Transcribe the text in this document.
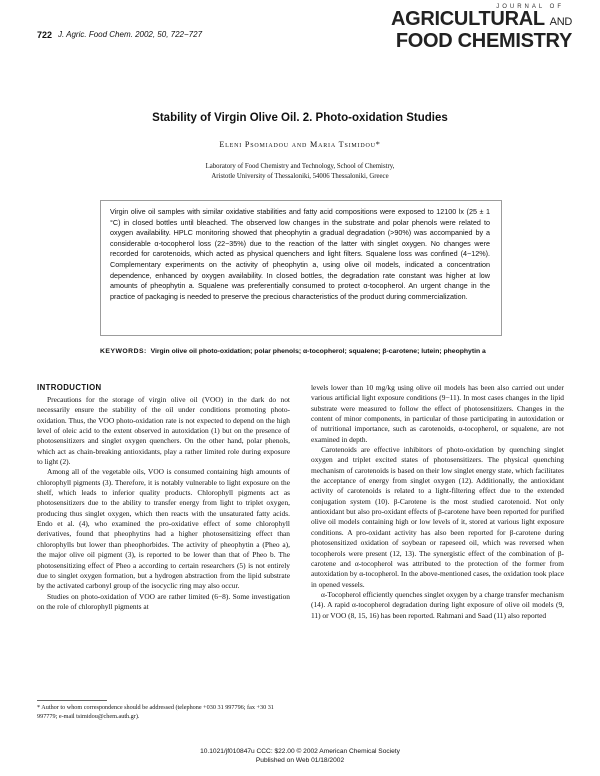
722 J. Agric. Food Chem. 2002, 50, 722−727
JOURNAL OF
AGRICULTURAL AND
FOOD CHEMISTRY
Stability of Virgin Olive Oil. 2. Photo-oxidation Studies
Eleni Psomiadou and Maria Tsimidou*
Laboratory of Food Chemistry and Technology, School of Chemistry,
Aristotle University of Thessaloniki, 54006 Thessaloniki, Greece
Virgin olive oil samples with similar oxidative stabilities and fatty acid compositions were exposed to 12100 lx (25 ± 1 °C) in closed bottles until bleached. The observed low changes in the substrate and polar phenols were related to oxygen availability. HPLC monitoring showed that pheophytin a gradual degradation (>90%) was accompanied by a considerable α-tocopherol loss (22−35%) due to the reaction of the latter with singlet oxygen. No changes were recorded for carotenoids, which acted as physical quenchers and light filters. Squalene loss was confined (4−12%). Complementary experiments on the activity of pheophytin a, using olive oil models, indicated a concentration dependence, enhanced by oxygen availability. In closed bottles, the degradation rate constant was higher at low amounts of pheophytin a. Squalene was preferentially consumed to protect α-tocopherol. An urgent change in the practice of packaging is needed to preserve the precious characteristics of the product during commercialization.
KEYWORDS: Virgin olive oil photo-oxidation; polar phenols; α-tocopherol; squalene; β-carotene; lutein; pheophytin a
INTRODUCTION

Precautions for the storage of virgin olive oil (VOO) in the dark do not necessarily ensure the stability of the oil under conditions promoting photo-oxidation. Thus, the VOO photo-oxidation rate is not expected to depend on the high level of oleic acid to the extent observed in autoxidation (1) but on the presence of photosensitizers and singlet oxygen quenchers. On the other hand, polar phenols, which act as chain-breaking antioxidants, play a rather limited role during exposure to light (2).

Among all of the vegetable oils, VOO is consumed containing high amounts of chlorophyll pigments (3). Therefore, it is notably vulnerable to light exposure on the shelf, which leads to inferior quality products. Chlorophyll pigments act as photosensitizers due to the ability to transfer energy from light to triplet oxygen, producing thus singlet oxygen, which then reacts with the unsaturated fatty acids. Endo et al. (4), who examined the pro-oxidative effect of some chlorophyll derivatives, found that pheophytins had a higher photosensitizing effect than chlorophylls but lower than pheophorbides. The activity of pheophytin a (Pheo a), the major olive oil pigment (3), is reported to be lower than that of Pheo b. The photosensitizing effect of Pheo a according to certain researchers (5) is not entirely due to singlet oxygen formation, but a hydrogen abstraction from the lipid substrate by the activated carbonyl group of the isocyclic ring may also occur.

Studies on photo-oxidation of VOO are rather limited (6−8). Some investigation on the role of chlorophyll pigments at

* Author to whom correspondence should be addressed (telephone +030 31 997796; fax +30 31 997779; e-mail tsimidou@chem.auth.gr).

levels lower than 10 mg/kg using olive oil models has been also carried out under various artificial light exposure conditions (9−11). In most cases changes in the lipid substrate were measured to follow the effect of photosensitizers. Changes in the content of minor components, in particular of those participating in autoxidation or of nutritional importance, such as carotenoids, α-tocopherol, or squalene, are not examined in depth.

Carotenoids are effective inhibitors of photo-oxidation by quenching singlet oxygen and triplet excited states of photosensitizers. The physical quenching mechanism of carotenoids is based on their low singlet energy state, which facilitates the acceptance of energy from singlet oxygen (12). Additionally, the antioxidant activity of carotenoids is related to a light-filtering effect due to the extended conjugation system (10). β-Carotene is the most studied carotenoid. Not only antioxidant but also pro-oxidant effects of β-carotene have been reported for purified olive oil models containing high or low levels of it, stored at various light exposure conditions. A pro-oxidant activity has also been reported for β-carotene during photosensitized oxidation of soybean or rapeseed oil, which was reversed when tocopherols were present (12, 13). The synergistic effect of the combination of β-carotene and α-tocopherol was attributed to the protection of the former from autoxidation by α-tocopherol. In the above-mentioned cases, the oxidation took place in opened vessels.

α-Tocopherol efficiently quenches singlet oxygen by a charge transfer mechanism (14). A rapid α-tocopherol degradation during light exposure of olive oil models (9, 11) or VOO (8, 15, 16) has been reported. Rahmani and Saad (11) also reported

10.1021/jf010847u CCC: $22.00 © 2002 American Chemical Society
Published on Web 01/18/2002
